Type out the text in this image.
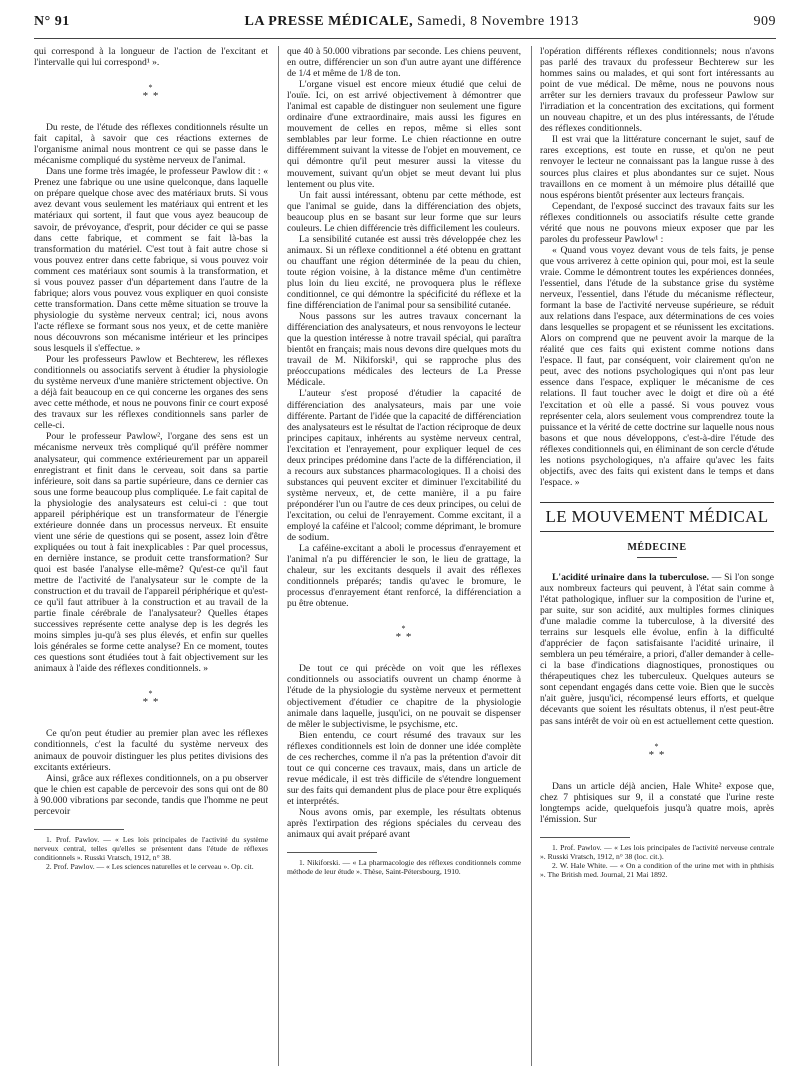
N° 91	LA PRESSE MÉDICALE, Samedi, 8 Novembre 1913	909

qui correspond à la longueur de l'action de l'excitant et l'intervalle qui lui correspond¹ ».

*
* *

Du reste, de l'étude des réflexes conditionnels résulte un fait capital, à savoir que ces réactions externes de l'organisme animal nous montrent ce qui se passe dans le mécanisme compliqué du système nerveux de l'animal.

Dans une forme très imagée, le professeur Pawlow dit : « Prenez une fabrique ou une usine quelconque, dans laquelle on prépare quelque chose avec des matériaux bruts. Si vous avez devant vous seulement les matériaux qui entrent et les matériaux qui sortent, il faut que vous ayez beaucoup de savoir, de prévoyance, d'esprit, pour décider ce qui se passe dans cette fabrique, et comment se fait là-bas la transformation du matériel. C'est tout à fait autre chose si vous pouvez entrer dans cette fabrique, si vous pouvez voir comment ces matériaux sont soumis à la transformation, et si vous pouvez passer d'un département dans l'autre de la fabrique; alors vous pouvez vous expliquer en quoi consiste cette transformation. Dans cette même situation se trouve la physiologie du système nerveux central; ici, nous avons l'acte réflexe se formant sous nos yeux, et de cette manière nous découvrons son mécanisme intérieur et les principes sous lesquels il s'effectue. »

Pour les professeurs Pawlow et Bechterew, les réflexes conditionnels ou associatifs servent à étudier la physiologie du système nerveux d'une manière strictement objective. On a déjà fait beaucoup en ce qui concerne les organes des sens avec cette méthode, et nous ne pouvons finir ce court exposé des travaux sur les réflexes conditionnels sans parler de celle-ci.

Pour le professeur Pawlow², l'organe des sens est un mécanisme nerveux très compliqué qu'il préfère nommer analysateur, qui commence extérieurement par un appareil enregistrant et finit dans le cerveau, soit dans sa partie inférieure, soit dans sa partie supérieure, dans ce dernier cas sous une forme beaucoup plus compliquée. Le fait capital de la physiologie des analysateurs est celui-ci : que tout appareil périphérique est un transformateur de l'énergie extérieure donnée dans un processus nerveux. Et ensuite vient une série de questions qui se posent, assez loin d'être expliquées ou tout à fait inexplicables : Par quel processus, en dernière instance, se produit cette transformation? Sur quoi est basée l'analyse elle-même? Qu'est-ce qu'il faut mettre de l'activité de l'analysateur sur le compte de la construction et du travail de l'appareil périphérique et qu'est-ce qu'il faut attribuer à la construction et au travail de la partie finale cérébrale de l'analysateur? Quelles étapes successives représente cette analyse dep is les degrés les moins simples ju-qu'à ses plus élevés, et enfin sur quelles lois générales se forme cette analyse? En ce moment, toutes ces questions sont étudiées tout à fait objectivement sur les animaux à l'aide des réflexes conditionnels. »

*
* *

Ce qu'on peut étudier au premier plan avec les réflexes conditionnels, c'est la faculté du système nerveux des animaux de pouvoir distinguer les plus petites divisions des excitants extérieurs.

Ainsi, grâce aux réflexes conditionnels, on a pu observer que le chien est capable de percevoir des sons qui ont de 80 à 90.000 vibrations par seconde, tandis que l'homme ne peut percevoir

1. Prof. Pawlov. — « Les lois principales de l'activité du système nerveux central, telles qu'elles se présentent dans l'étude de réflexes conditionnels ». Russki Vratsch, 1912, n° 38.

2. Prof. Pawlov. — « Les sciences naturelles et le cerveau ». Op. cit.

que 40 à 50.000 vibrations par seconde. Les chiens peuvent, en outre, différencier un son d'un autre ayant une différence de 1/4 et même de 1/8 de ton.

L'organe visuel est encore mieux étudié que celui de l'ouïe. Ici, on est arrivé objectivement à démontrer que l'animal est capable de distinguer non seulement une figure ordinaire d'une extraordinaire, mais aussi les figures en mouvement de celles en repos, même si elles sont semblables par leur forme. Le chien réactionne en outre différemment suivant la vitesse de l'objet en mouvement, ce qui démontre qu'il peut mesurer aussi la vitesse du mouvement, suivant qu'un objet se meut devant lui plus lentement ou plus vite.

Un fait aussi intéressant, obtenu par cette méthode, est que l'animal se guide, dans la différenciation des objets, beaucoup plus en se basant sur leur forme que sur leurs couleurs. Le chien différencie très difficilement les couleurs.

La sensibilité cutanée est aussi très développée chez les animaux. Si un réflexe conditionnel a été obtenu en grattant ou chauffant une région déterminée de la peau du chien, toute région voisine, à la distance même d'un centimètre plus loin du lieu excité, ne provoquera plus le réflexe conditionnel, ce qui démontre la spécificité du réflexe et la fine différenciation de l'animal pour sa sensibilité cutanée.

Nous passons sur les autres travaux concernant la différenciation des analysateurs, et nous renvoyons le lecteur que la question intéresse à notre travail spécial, qui paraîtra bientôt en français; mais nous devons dire quelques mots du travail de M. Nikiforski¹, qui se rapproche plus des préoccupations médicales des lecteurs de La Presse Médicale.

L'auteur s'est proposé d'étudier la capacité de différenciation des analysateurs, mais par une voie différente. Partant de l'idée que la capacité de différenciation des analysateurs est le résultat de l'action réciproque de deux principes capitaux, inhérents au système nerveux central, l'excitation et l'enrayement, pour expliquer lequel de ces deux principes prédomine dans l'acte de la différenciation, il a recours aux substances pharmacologiques. Il a choisi des substances qui peuvent exciter et diminuer l'excitabilité du système nerveux, et, de cette manière, il a pu faire prépondérer l'un ou l'autre de ces deux principes, ou celui de l'excitation, ou celui de l'enrayement. Comme excitant, il a employé la caféine et l'alcool; comme déprimant, le bromure de sodium.

La caféine-excitant a aboli le processus d'enrayement et l'animal n'a pu différencier le son, le lieu de grattage, la chaleur, sur les excitants desquels il avait des réflexes conditionnels préparés; tandis qu'avec le bromure, le processus d'enrayement étant renforcé, la différenciation a pu être obtenue.

*
* *

De tout ce qui précède on voit que les réflexes conditionnels ou associatifs ouvrent un champ énorme à l'étude de la physiologie du système nerveux et permettent objectivement d'étudier ce chapitre de la physiologie animale dans laquelle, jusqu'ici, on ne pouvait se dispenser de mêler le subjectivisme, le psychisme, etc.

Bien entendu, ce court résumé des travaux sur les réflexes conditionnels est loin de donner une idée complète de ces recherches, comme il n'a pas la prétention d'avoir dit tout ce qui concerne ces travaux, mais, dans un article de revue médicale, il est très difficile de s'étendre longuement sur des faits qui demandent plus de place pour être expliqués et interprétés.

Nous avons omis, par exemple, les résultats obtenus après l'extirpation des régions spéciales du cerveau des animaux qui avait préparé avant

1. Nikiforski. — « La pharmacologie des réflexes conditionnels comme méthode de leur étude ». Thèse, Saint-Pétersbourg, 1910.

l'opération différents réflexes conditionnels; nous n'avons pas parlé des travaux du professeur Bechterew sur les hommes sains ou malades, et qui sont fort intéressants au point de vue médical. De même, nous ne pouvons nous arrêter sur les derniers travaux du professeur Pawlow sur l'irradiation et la concentration des excitations, qui forment un nouveau chapitre, et un des plus intéressants, de l'étude des réflexes conditionnels.

Il est vrai que la littérature concernant le sujet, sauf de rares exceptions, est toute en russe, et qu'on ne peut renvoyer le lecteur ne connaissant pas la langue russe à des sources plus claires et plus abondantes sur ce sujet. Nous travaillons en ce moment à un mémoire plus détaillé que nous espérons bientôt présenter aux lecteurs français.

Cependant, de l'exposé succinct des travaux faits sur les réflexes conditionnels ou associatifs résulte cette grande vérité que nous ne pouvons mieux exposer que par les paroles du professeur Pawlow¹ :

« Quand vous voyez devant vous de tels faits, je pense que vous arriverez à cette opinion qui, pour moi, est la seule vraie. Comme le démontrent toutes les expériences données, l'essentiel, dans l'étude de la substance grise du système nerveux, l'essentiel, dans l'étude du mécanisme réflecteur, formant la base de l'activité nerveuse supérieure, se réduit aux relations dans l'espace, aux déterminations de ces voies dans lesquelles se propagent et se réunissent les excitations. Alors on comprend que ne peuvent avoir la marque de la réalité que ces faits qui existent comme notions dans l'espace. Il faut, par conséquent, voir clairement qu'on ne peut, avec des notions psychologiques qui n'ont pas leur essence dans l'espace, expliquer le mécanisme de ces relations. Il faut toucher avec le doigt et dire où a été l'excitation et où elle a passé. Si vous pouvez vous représenter cela, alors seulement vous comprendrez toute la puissance et la vérité de cette doctrine sur laquelle nous nous basons et que nous développons, c'est-à-dire l'étude des réflexes conditionnels qui, en éliminant de son cercle d'étude les notions psychologiques, n'a affaire qu'avec les faits objectifs, avec des faits qui existent dans le temps et dans l'espace. »

LE MOUVEMENT MÉDICAL
MÉDECINE

L'acidité urinaire dans la tuberculose. — Si l'on songe aux nombreux facteurs qui peuvent, à l'état sain comme à l'état pathologique, influer sur la composition de l'urine et, par suite, sur son acidité, aux multiples formes cliniques d'une maladie comme la tuberculose, à la diversité des terrains sur lesquels elle évolue, enfin à la difficulté d'apprécier de façon satisfaisante l'acidité urinaire, il semblera un peu téméraire, a priori, d'aller demander à celle-ci la base d'indications diagnostiques, pronostiques ou thérapeutiques chez les tuberculeux. Quelques auteurs se sont cependant engagés dans cette voie. Bien que le succès n'ait guère, jusqu'ici, récompensé leurs efforts, et quelque décevants que soient les résultats obtenus, il n'est peut-être pas sans intérêt de voir où en est actuellement cette question.

*
* *

Dans un article déjà ancien, Hale White² expose que, chez 7 phtisiques sur 9, il a constaté que l'urine reste longtemps acide, quelquefois jusqu'à quatre mois, après l'émission. Sur

1. Prof. Pawlov. — « Les lois principales de l'activité nerveuse centrale ». Russki Vratsch, 1912, n° 38 (loc. cit.).

2. W. Hale White. — « On a condition of the urine met with in phthisis ». The British med. Journal, 21 Mai 1892.
